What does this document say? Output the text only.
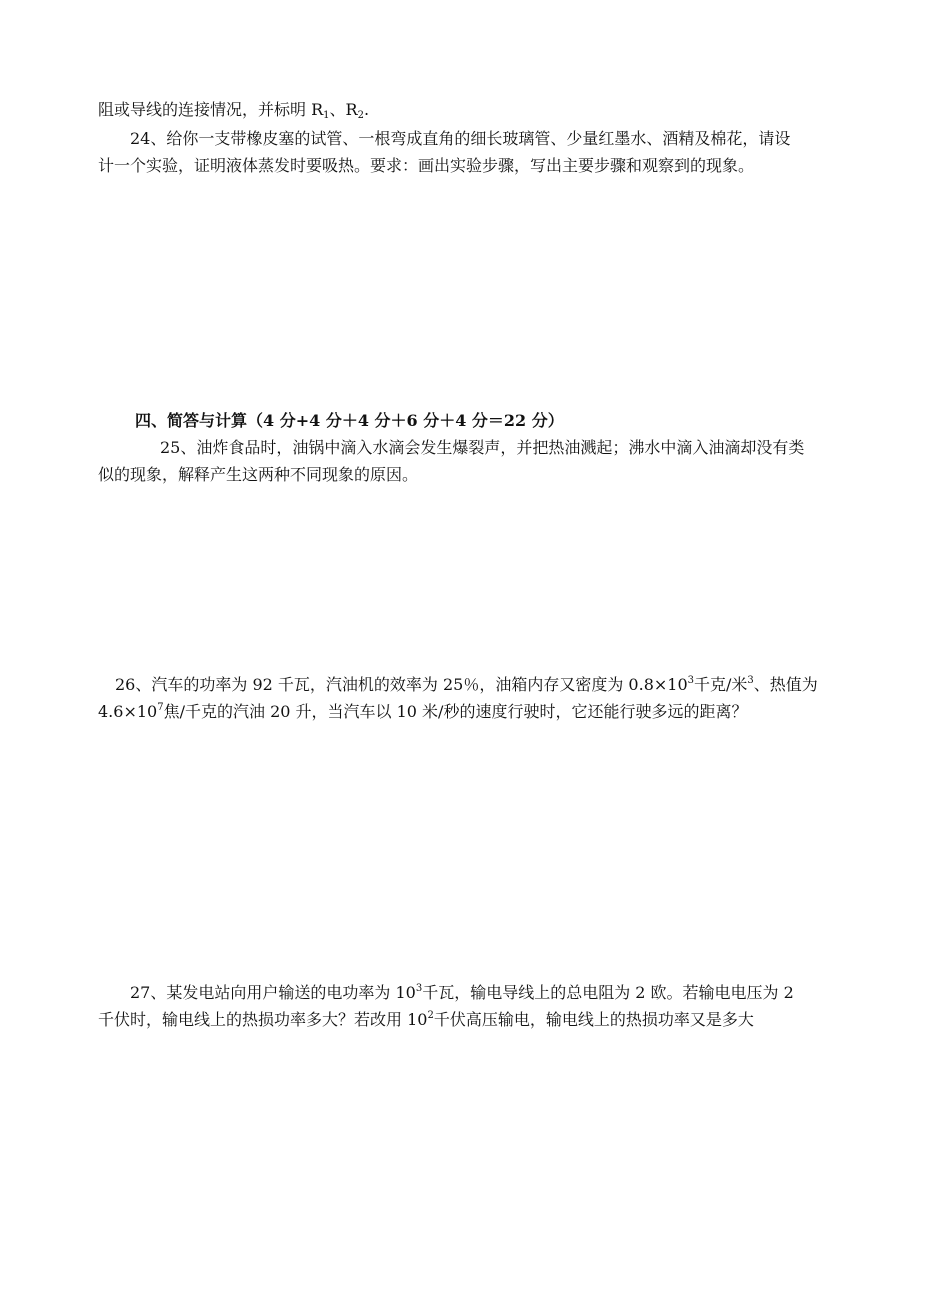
阻或导线的连接情况，并标明 $R_1$、$R_2$.
24、给你一支带橡皮塞的试管、一根弯成直角的细长玻璃管、少量红墨水、酒精及棉花，请设
计一个实验，证明液体蒸发时要吸热。要求：画出实验步骤，写出主要步骤和观察到的现象。
四、简答与计算（4 分+4 分＋4 分＋6 分＋4 分＝22 分）
25、油炸食品时，油锅中滴入水滴会发生爆裂声，并把热油溅起；沸水中滴入油滴却没有类
似的现象，解释产生这两种不同现象的原因。
26、汽车的功率为 92 千瓦，汽油机的效率为 25％，油箱内存又密度为 $0.8\times 10^3$千克/米$^3$、热值为
$4.6\times 10^7$焦/千克的汽油 20 升，当汽车以 10 米/秒的速度行驶时，它还能行驶多远的距离？
27、某发电站向用户输送的电功率为 $10^3$千瓦，输电导线上的总电阻为 2 欧。若输电电压为 2
千伏时，输电线上的热损功率多大？若改用 $10^2$千伏高压输电，输电线上的热损功率又是多大
